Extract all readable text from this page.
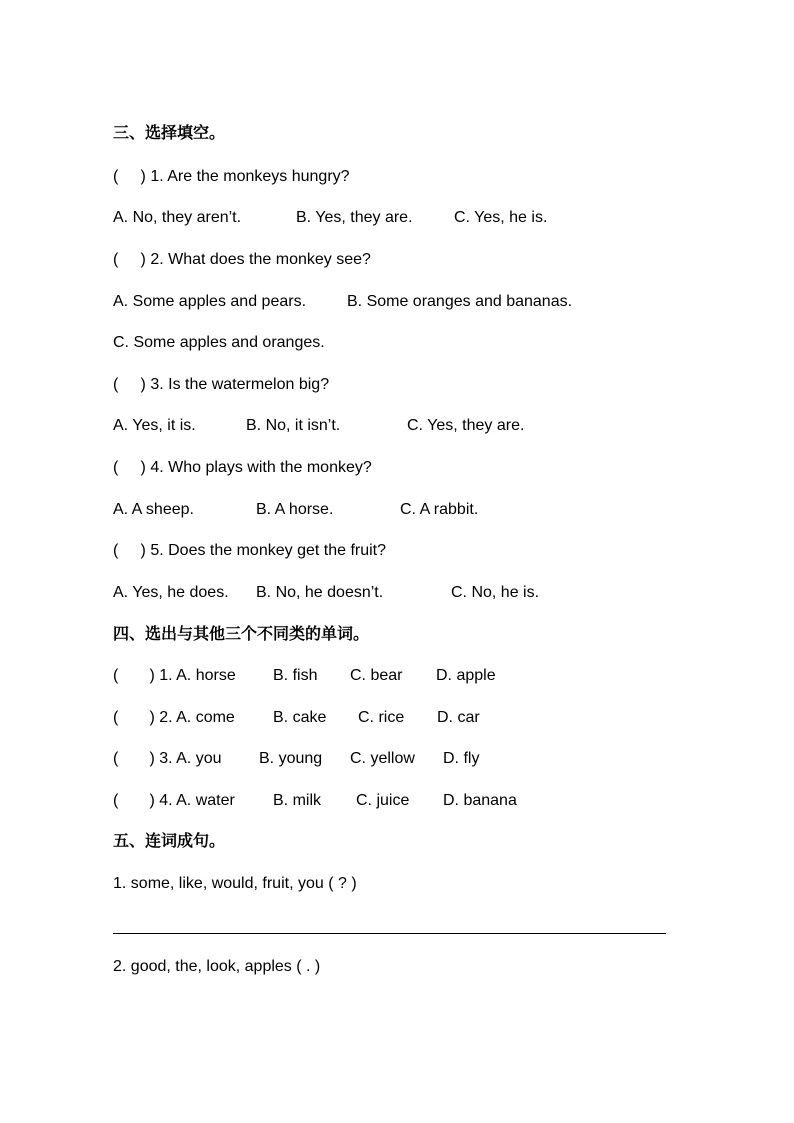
三、选择填空。
(     ) 1. Are the monkeys hungry?

A. No, they aren’t.

	B. Yes, they are.

	C. Yes, he is.

(     ) 2. What does the monkey see?

A. Some apples and pears.

	B. Some oranges and bananas.

C. Some apples and oranges.
(     ) 3. Is the watermelon big?

A. Yes, it is.

	B. No, it isn’t.

	C. Yes, they are.

(     ) 4. Who plays with the monkey?

A. A sheep.

	B. A horse.

	C. A rabbit.

(     ) 5. Does the monkey get the fruit?

A. Yes, he does.

B. No, he doesn’t.

	C. No, he is.

四、选出与其他三个不同类的单词。

(       ) 1. A. horse

B. fish

C. bear

D. apple

(       ) 2. A. come

B. cake

C. rice

D. car

(       ) 3. A. you

B. young

C. yellow

D. fly

(       ) 4. A. water

B. milk

C. juice

D. banana

五、连词成句。
1. some, like, would, fruit, you ( ? )
2. good, the, look, apples ( . )
